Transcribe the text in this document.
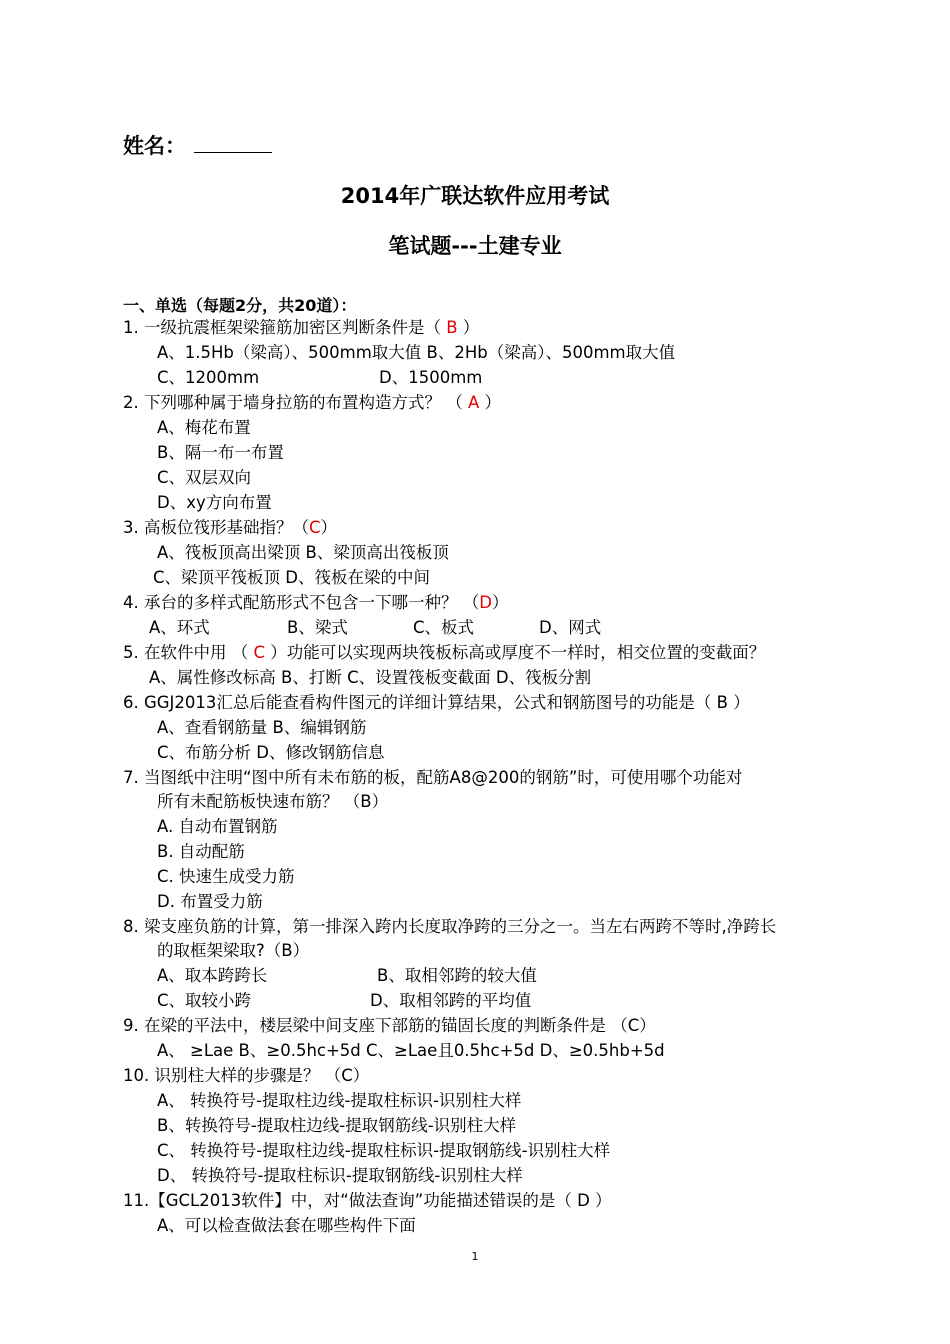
姓名：
2014年广联达软件应用考试
笔试题---土建专业
一、单选（每题2分，共20道）：
1. 一级抗震框架梁箍筋加密区判断条件是（ B ）
A、1.5Hb（梁高）、500mm取大值 B、2Hb（梁高）、500mm取大值
C、1200mm	D、1500mm
2. 下列哪种属于墙身拉筋的布置构造方式？ （ A ）
A、梅花布置
B、隔一布一布置
C、双层双向
D、xy方向布置
3. 高板位筏形基础指？（C）
A、筏板顶高出梁顶 B、梁顶高出筏板顶
C、梁顶平筏板顶 D、筏板在梁的中间
4. 承台的多样式配筋形式不包含一下哪一种？ （D）
A、环式	B、梁式	C、板式	D、网式
5. 在软件中用 （ C ）功能可以实现两块筏板标高或厚度不一样时，相交位置的变截面？
A、属性修改标高 B、打断 C、设置筏板变截面 D、筏板分割
6. GGJ2013汇总后能查看构件图元的详细计算结果，公式和钢筋图号的功能是（ B ）
A、查看钢筋量 B、编辑钢筋
C、布筋分析 D、修改钢筋信息
7. 当图纸中注明“图中所有未布筋的板，配筋A8@200的钢筋”时，可使用哪个功能对
所有未配筋板快速布筋？ （B）
A. 自动布置钢筋
B. 自动配筋
C. 快速生成受力筋
D. 布置受力筋
8. 梁支座负筋的计算，第一排深入跨内长度取净跨的三分之一。当左右两跨不等时,净跨长
的取框架梁取?（B）
A、取本跨跨长	B、取相邻跨的较大值
C、取较小跨	D、取相邻跨的平均值
9. 在梁的平法中，楼层梁中间支座下部筋的锚固长度的判断条件是 （C）
A、 ≥Lae B、≥0.5hc+5d C、≥Lae且0.5hc+5d D、≥0.5hb+5d
10. 识别柱大样的步骤是？ （C）
A、 转换符号-提取柱边线-提取柱标识-识别柱大样
B、转换符号-提取柱边线-提取钢筋线-识别柱大样
C、 转换符号-提取柱边线-提取柱标识-提取钢筋线-识别柱大样
D、 转换符号-提取柱标识-提取钢筋线-识别柱大样
11.【GCL2013软件】中，对“做法查询”功能描述错误的是（ D ）
A、可以检查做法套在哪些构件下面
1
